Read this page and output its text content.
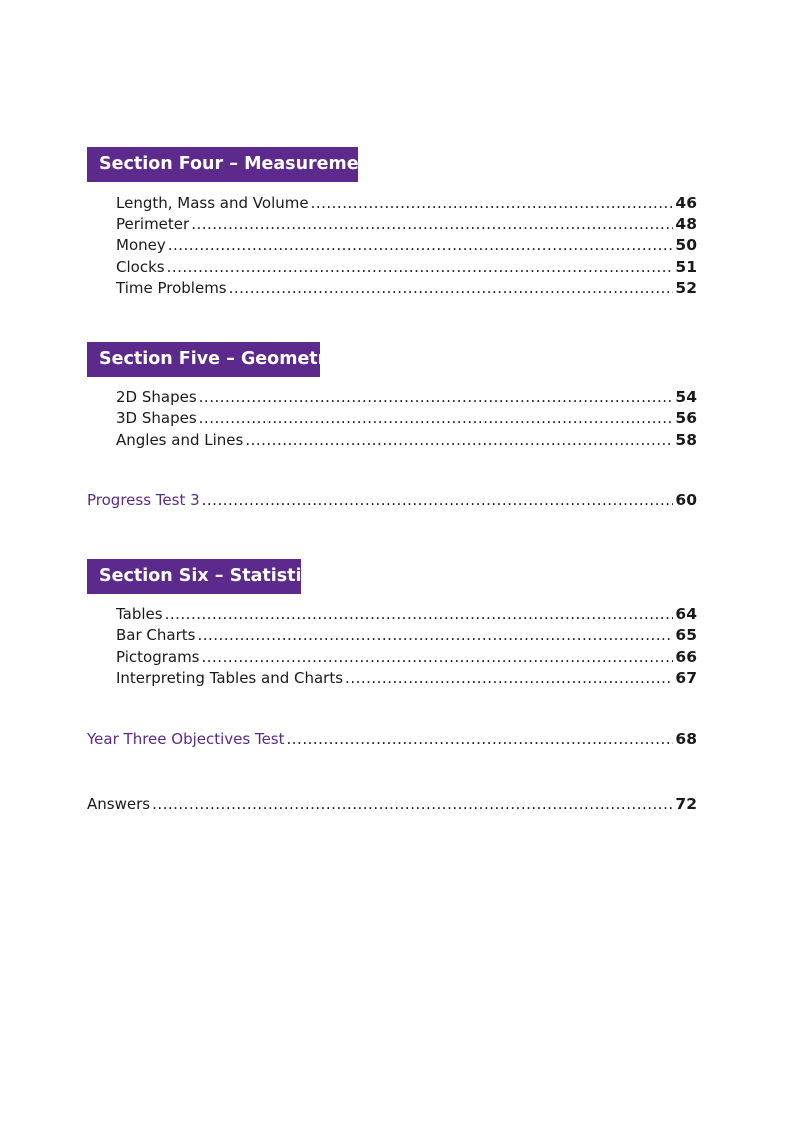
Section Four – Measurement
Length, Mass and Volume .....	46
Perimeter .....	48
Money .....	50
Clocks .....	51
Time Problems .....	52
Section Five – Geometry
2D Shapes .....	54
3D Shapes .....	56
Angles and Lines .....	58
Progress Test 3 .....	60
Section Six – Statistics
Tables .....	64
Bar Charts .....	65
Pictograms .....	66
Interpreting Tables and Charts .....	67
Year Three Objectives Test .....	68
Answers .....	72
